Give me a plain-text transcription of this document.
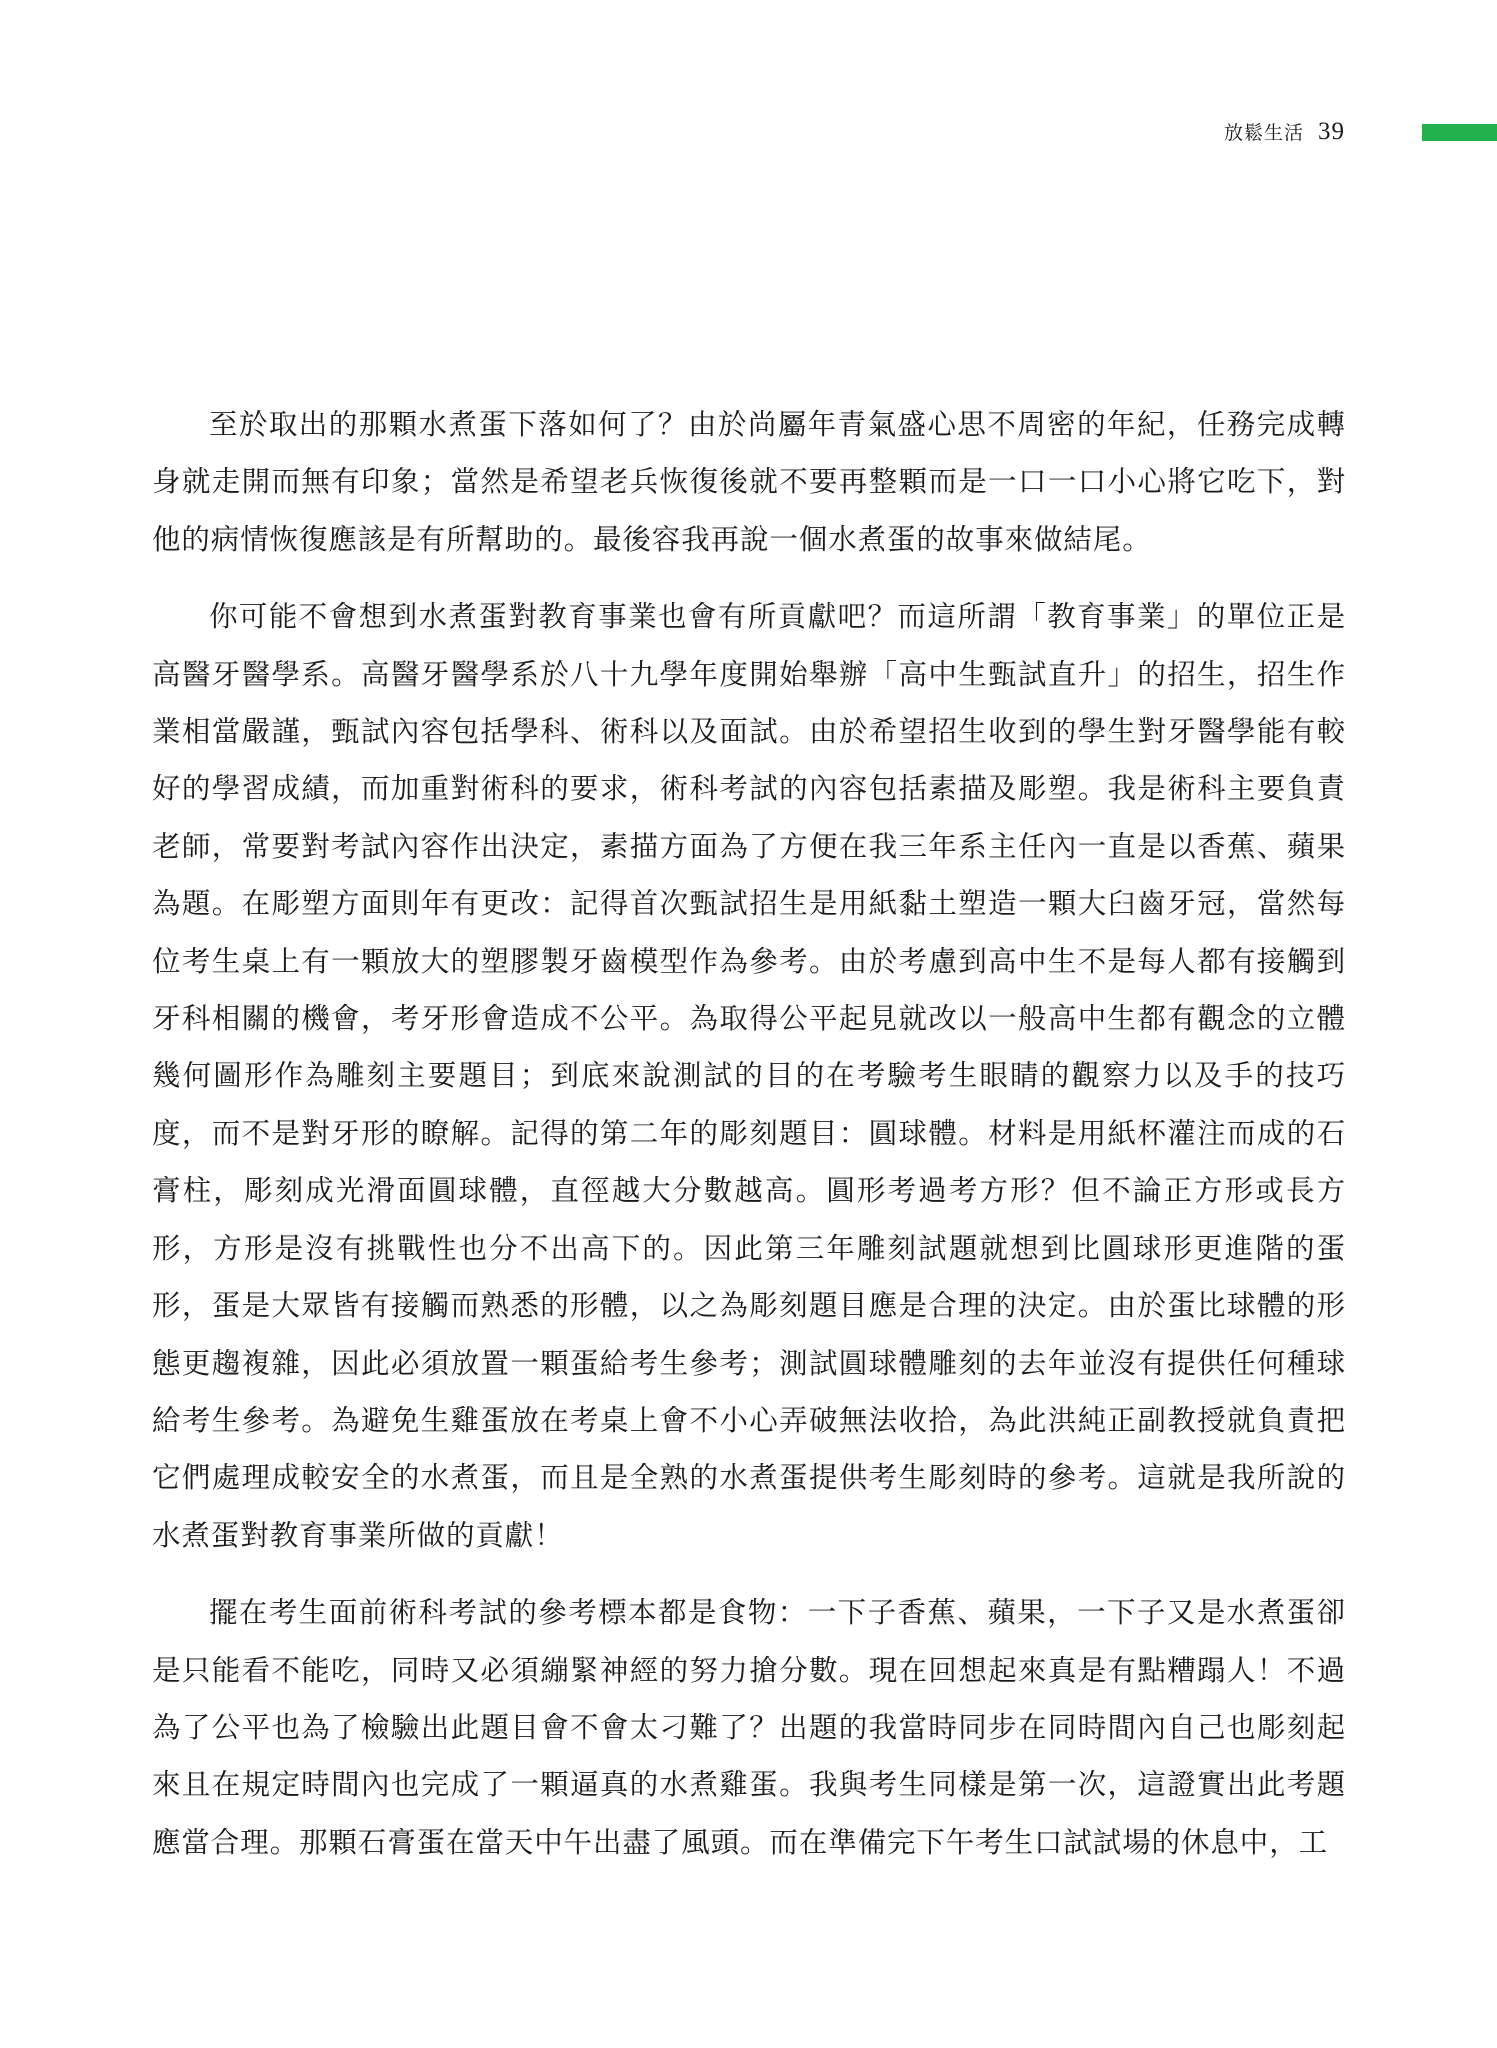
放鬆生活 39

至於取出的那顆水煮蛋下落如何了？由於尚屬年青氣盛心思不周密的年紀，任務完成轉身就走開而無有印象；當然是希望老兵恢復後就不要再整顆而是一口一口小心將它吃下，對他的病情恢復應該是有所幫助的。最後容我再說一個水煮蛋的故事來做結尾。

你可能不會想到水煮蛋對教育事業也會有所貢獻吧？而這所謂「教育事業」的單位正是高醫牙醫學系。高醫牙醫學系於八十九學年度開始舉辦「高中生甄試直升」的招生，招生作業相當嚴謹，甄試內容包括學科、術科以及面試。由於希望招生收到的學生對牙醫學能有較好的學習成績，而加重對術科的要求，術科考試的內容包括素描及彫塑。我是術科主要負責老師，常要對考試內容作出決定，素描方面為了方便在我三年系主任內一直是以香蕉、蘋果為題。在彫塑方面則年有更改：記得首次甄試招生是用紙黏土塑造一顆大臼齒牙冠，當然每位考生桌上有一顆放大的塑膠製牙齒模型作為參考。由於考慮到高中生不是每人都有接觸到牙科相關的機會，考牙形會造成不公平。為取得公平起見就改以一般高中生都有觀念的立體幾何圖形作為雕刻主要題目；到底來說測試的目的在考驗考生眼睛的觀察力以及手的技巧度，而不是對牙形的瞭解。記得的第二年的彫刻題目：圓球體。材料是用紙杯灌注而成的石膏柱，彫刻成光滑面圓球體，直徑越大分數越高。圓形考過考方形？但不論正方形或長方形，方形是沒有挑戰性也分不出高下的。因此第三年雕刻試題就想到比圓球形更進階的蛋形，蛋是大眾皆有接觸而熟悉的形體，以之為彫刻題目應是合理的決定。由於蛋比球體的形態更趨複雜，因此必須放置一顆蛋給考生參考；測試圓球體雕刻的去年並沒有提供任何種球給考生參考。為避免生雞蛋放在考桌上會不小心弄破無法收拾，為此洪純正副教授就負責把它們處理成較安全的水煮蛋，而且是全熟的水煮蛋提供考生彫刻時的參考。這就是我所說的水煮蛋對教育事業所做的貢獻！

擺在考生面前術科考試的參考標本都是食物：一下子香蕉、蘋果，一下子又是水煮蛋卻是只能看不能吃，同時又必須繃緊神經的努力搶分數。現在回想起來真是有點糟蹋人！不過為了公平也為了檢驗出此題目會不會太刁難了？出題的我當時同步在同時間內自己也彫刻起來且在規定時間內也完成了一顆逼真的水煮雞蛋。我與考生同樣是第一次，這證實出此考題應當合理。那顆石膏蛋在當天中午出盡了風頭。而在準備完下午考生口試試場的休息中，工
